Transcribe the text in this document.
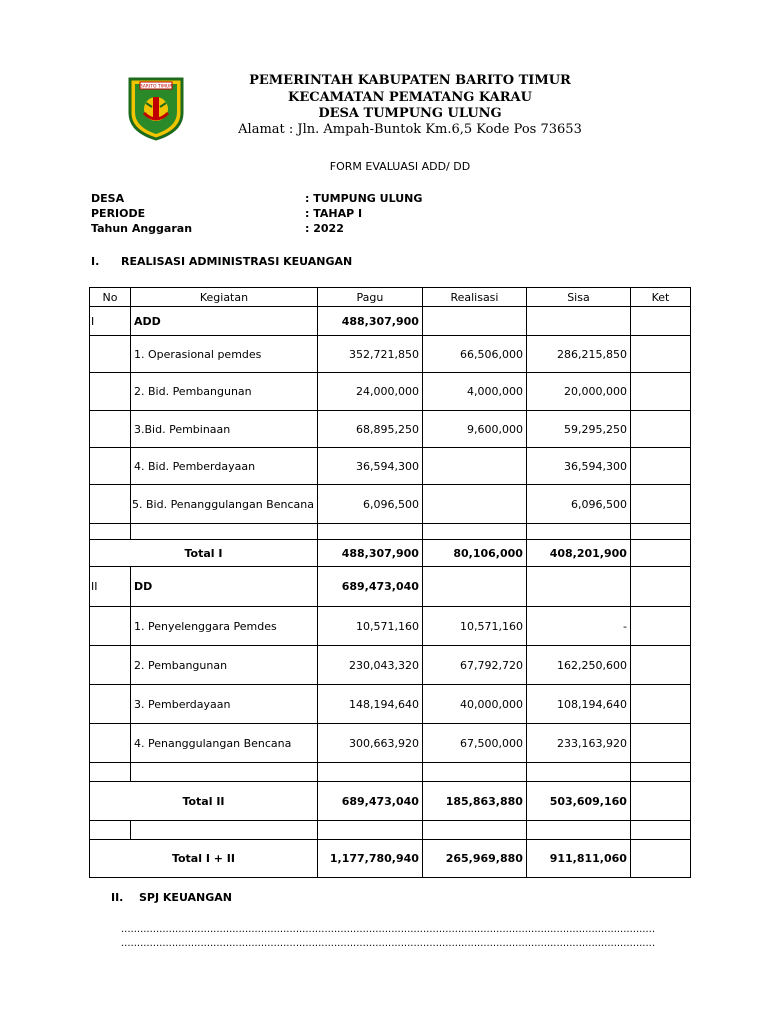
BARITO TIMUR	PEMERINTAH KABUPATEN BARITO TIMUR
KECAMATAN PEMATANG KARAU
DESA TUMPUNG ULUNG
Alamat : Jln. Ampah-Buntok Km.6,5 Kode Pos 73653
FORM EVALUASI ADD/ DD
DESA	: TUMPUNG ULUNG
PERIODE	: TAHAP I
Tahun Anggaran	: 2022
I. REALISASI ADMINISTRASI KEUANGAN
No	Kegiatan	Pagu	Realisasi	Sisa	Ket
I	ADD	488,307,900			
	1. Operasional pemdes	352,721,850	66,506,000	286,215,850	
	2. Bid. Pembangunan	24,000,000	4,000,000	20,000,000	
	3.Bid. Pembinaan	68,895,250	9,600,000	59,295,250	
	4. Bid. Pemberdayaan	36,594,300		36,594,300	
	5. Bid. Penanggulangan Bencana	6,096,500		6,096,500	

Total I		488,307,900	80,106,000	408,201,900	
II	DD	689,473,040			
	1. Penyelenggara Pemdes	10,571,160	10,571,160	-	
	2. Pembangunan	230,043,320	67,792,720	162,250,600	
	3. Pemberdayaan	148,194,640	40,000,000	108,194,640	
	4. Penanggulangan Bencana	300,663,920	67,500,000	233,163,920	

Total II		689,473,040	185,863,880	503,609,160	

Total I + II		1,177,780,940	265,969,880	911,811,060	
II. SPJ KEUANGAN
........................................................................................................................................................................
........................................................................................................................................................................
